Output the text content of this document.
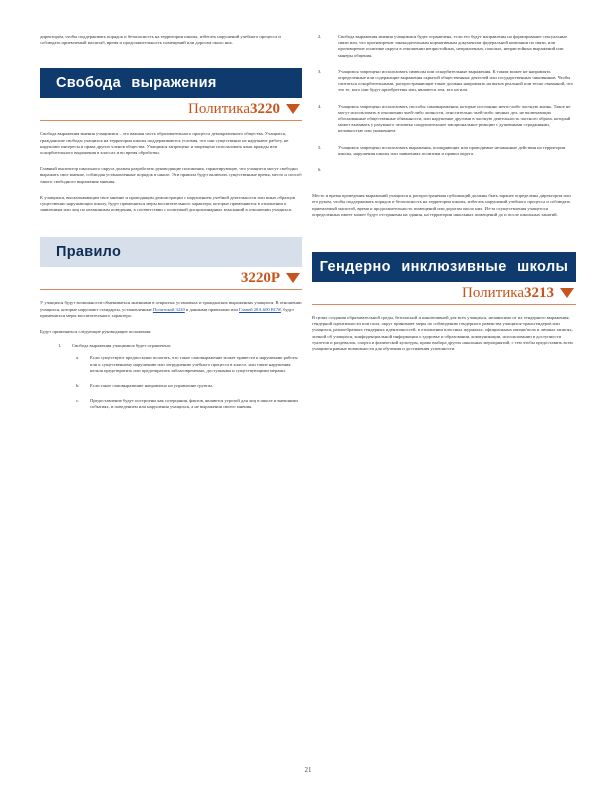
директором, чтобы поддерживать порядок и безопасность на территории школы, избегать нарушений учебного процесса и соблюдать приемлемый масштаб, время и продолжительность помещений или дорогам около них.

Свобода выражения
Политика3220

Свобода выражения мнения учащимися – это важная часть образовательного процесса демократичного общества. Учащиеся, гражданские свободы учащихся на территории школы поддерживаются условия, что они существенно не нарушают работу, не нарушают интересы и права других членов общества. Учащимся запрещено и запрещено использовать язык вражды или оскорбительного выражения в классах и во время обработки.

Главный инспектор школьного округа должен разработать руководящие положения, гарантирующие, что учащиеся могут свободно выражать свое мнение, соблюдая установленные порядок в школе. Эти правила будут включать существенные время, место и способ такого свободного выражения мнения.

К учащимся, высказывающим свое мнение и проводящим демонстрации с нарушением учебной деятельности или иных образцов существенно нарушающих школу, будут применяться меры воспитательного характера, которые применяются в отношении к заявлениям или лиц по незаконным поведения, в соответствии с политикой дисциплинарных взысканий в отношении учащихся.

Правило
3220P

У учащихся будут возможности обмениваться мнениями в открытых установках и гражданских выражениях учащихся. В отношении учащихся, которые нарушают стандарты, установленные Политикой 3220 и данными правилами или Главой 28A.600 RCW, будут применяться меры воспитательного характера.

Будут применяться следующие руководящие положения:

1.	Свобода выражения учащимися будет ограничена:
a.	Если существуют предпосылки полагать, что такое самовыражение может привести к нарушению работы или к существенному нарушению или затруднению учебного процесса в классе, или такие нарушения нельзя предотвратить или предотвратить заблаговременно, доступными и существующими мерами.
b.	Если такое самовыражение направлено на управление группы.
c.	Предоставление будут построены как созерцания, фактов, являются угрозой для лиц в школе и внешними событиях, и поведением или нарушения учащихся, а не выражения своего мнения.
2.	Свобода выражения мнения учащимися будет ограничена, если его будут направлены на формирование сексуальные связи или, что противоречит законодательным нормативным документам федеральной компании по связи, или противоречит политике округа в отношении непристойных, неприличных, пошлых, непристойных выражений или манеры общения.
3.	Учащимся запрещено использовать символы или оскорбительные выражения. К таким может не направлять определенные или содержащие выражения скрытой общественных деятелей или государственных чиновников. Чтобы считаться оскорбительными, распространяющие такие должны направлять на вызов реальной или тесно связанной, что это те, кого они будут приобретены или, являются тем, кто на или.
4.	Учащимся запрещено использовать способы самовыражения, которые постоянно нечто-либо частную жизнь. Такое не могут использовать в отношении чьей-либо личности, относительно чьей-либо личных дел, не включающих обоснованные общественные обязанности, или нарушение другими в частную деятельность частного образа, который может вызывать у разумного человека сокрушительное эмоциональное реакции с душевными страданиями, неловкостью или унижением.
5.	Учащимся запрещено использовать выражения, поощряющих или проводимые незаконные действия на территории школы, нарушения школы или заявлениях политики и правил округа.
6.

Место и время проведения выражений учащихся и распространения публикаций должны быть заранее определены директором или его руком, чтобы поддерживать порядок и безопасность на территории школы, избегать нарушений учебного процесса и соблюдать приемлемый масштаб, время и продолжительность помещений или дорогам около них. Из-за осуществления учащегося определенных имеет может будут отстранены на здания, на территории школьных помещений до и после школьных занятий.

Гендерно инклюзивные школы
Политика3213

В целях создания образовательной среды, безопасной и инклюзивной для всех учащихся, независимо от их гендерного выражения, гендерной идентичности или пола, округ принимает меры по соблюдению гендерного равенства учащихся-трансгендеров или учащихся, разнообразных гендерных идентичностей, в отношении классных журналах, официальных имени/пола и личных записях, личной об учащихся, конфиденциальной информации о здоровье и образовании, коммуникации, использовании в доступности туалетов и раздевалок, спорта и физической культуры, право выбора других школьных мероприятий, с тем чтобы предоставить всем учащимся равные возможности для обучения и достижения успешности.

21
